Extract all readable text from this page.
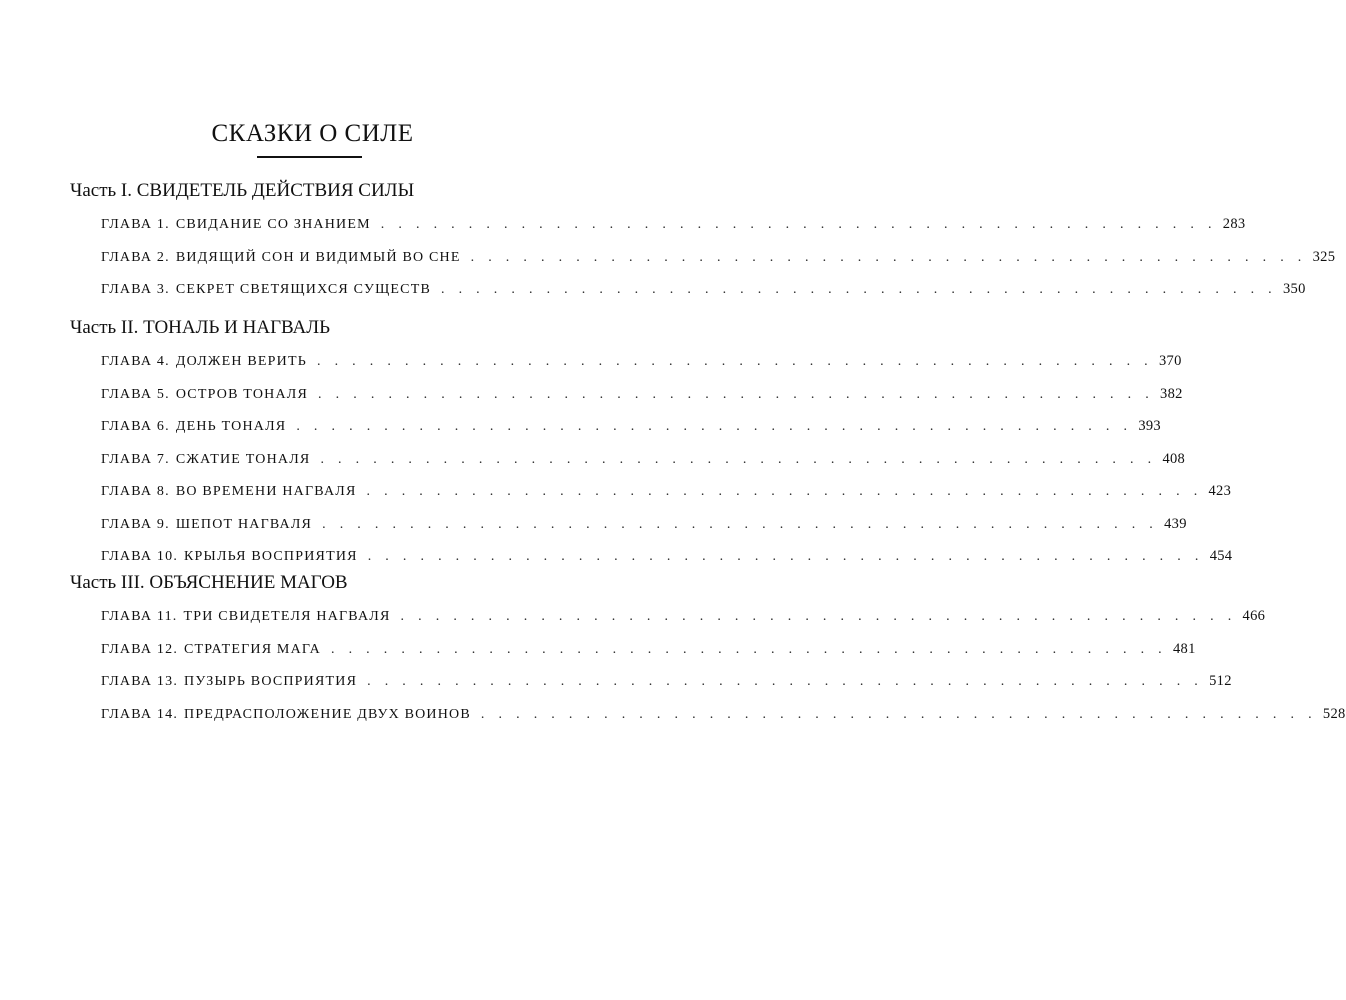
СКАЗКИ О СИЛЕ
Часть I. СВИДЕТЕЛЬ ДЕЙСТВИЯ СИЛЫ
ГЛАВА 1. СВИДАНИЕ СО ЗНАНИЕМ . . . . . . . . . . . . . . . . . . . . . . . . . . . . . . . . . . . . . . . . . . . . . . . . 283
ГЛАВА 2. ВИДЯЩИЙ СОН И ВИДИМЫЙ ВО СНЕ . . . . . . . . . . . . . . . . . . . . . . . . . . . . . . . . . . . . . . . . . . . . . . . . 325
ГЛАВА 3. СЕКРЕТ СВЕТЯЩИХСЯ СУЩЕСТВ . . . . . . . . . . . . . . . . . . . . . . . . . . . . . . . . . . . . . . . . . . . . . . . . 350
Часть II. ТОНАЛЬ И НАГВАЛЬ
ГЛАВА 4. ДОЛЖЕН ВЕРИТЬ . . . . . . . . . . . . . . . . . . . . . . . . . . . . . . . . . . . . . . . . . . . . . . . . 370
ГЛАВА 5. ОСТРОВ ТОНАЛЯ . . . . . . . . . . . . . . . . . . . . . . . . . . . . . . . . . . . . . . . . . . . . . . . . 382
ГЛАВА 6. ДЕНЬ ТОНАЛЯ . . . . . . . . . . . . . . . . . . . . . . . . . . . . . . . . . . . . . . . . . . . . . . . . 393
ГЛАВА 7. СЖАТИЕ ТОНАЛЯ . . . . . . . . . . . . . . . . . . . . . . . . . . . . . . . . . . . . . . . . . . . . . . . . 408
ГЛАВА 8. ВО ВРЕМЕНИ НАГВАЛЯ . . . . . . . . . . . . . . . . . . . . . . . . . . . . . . . . . . . . . . . . . . . . . . . . 423
ГЛАВА 9. ШЕПОТ НАГВАЛЯ . . . . . . . . . . . . . . . . . . . . . . . . . . . . . . . . . . . . . . . . . . . . . . . . 439
ГЛАВА 10. КРЫЛЬЯ ВОСПРИЯТИЯ . . . . . . . . . . . . . . . . . . . . . . . . . . . . . . . . . . . . . . . . . . . . . . . . 454
Часть III. ОБЪЯСНЕНИЕ МАГОВ
ГЛАВА 11. ТРИ СВИДЕТЕЛЯ НАГВАЛЯ . . . . . . . . . . . . . . . . . . . . . . . . . . . . . . . . . . . . . . . . . . . . . . . . 466
ГЛАВА 12. СТРАТЕГИЯ МАГА . . . . . . . . . . . . . . . . . . . . . . . . . . . . . . . . . . . . . . . . . . . . . . . . 481
ГЛАВА 13. ПУЗЫРЬ ВОСПРИЯТИЯ . . . . . . . . . . . . . . . . . . . . . . . . . . . . . . . . . . . . . . . . . . . . . . . . 512
ГЛАВА 14. ПРЕДРАСПОЛОЖЕНИЕ ДВУХ ВОИНОВ . . . . . . . . . . . . . . . . . . . . . . . . . . . . . . . . . . . . . . . . . . . . . . . . 528
